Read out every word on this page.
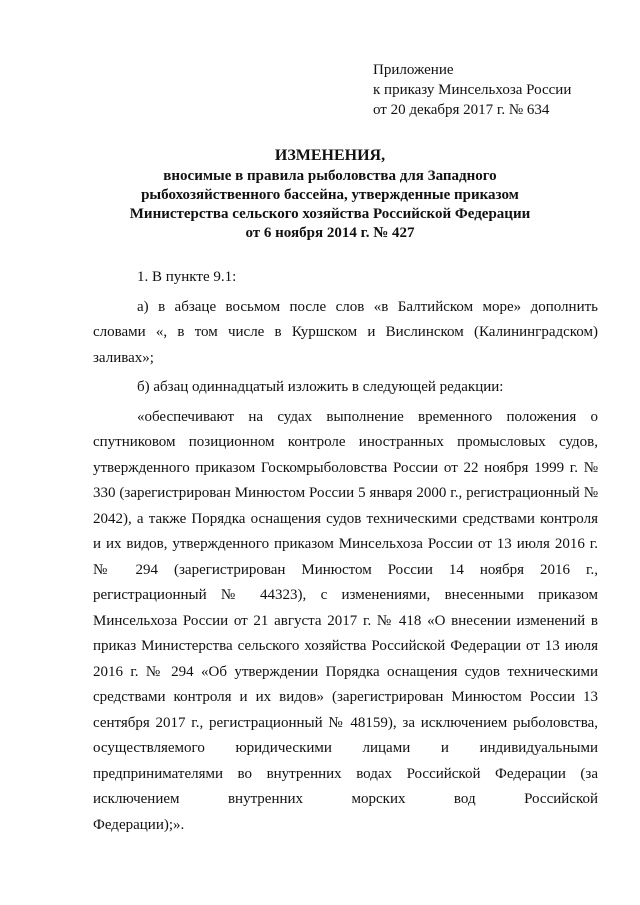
Приложение
к приказу Минсельхоза России
от 20 декабря 2017 г. № 634
ИЗМЕНЕНИЯ,
вносимые в правила рыболовства для Западного
рыбохозяйственного бассейна, утвержденные приказом
Министерства сельского хозяйства Российской Федерации
от 6 ноября 2014 г. № 427

1. В пункте 9.1:

а) в абзаце восьмом после слов «в Балтийском море» дополнить словами «, в том числе в Куршском и Вислинском (Калининградском) заливах»;

б) абзац одиннадцатый изложить в следующей редакции:

«обеспечивают на судах выполнение временного положения о спутниковом позиционном контроле иностранных промысловых судов, утвержденного приказом Госкомрыболовства России от 22 ноября 1999 г. № 330 (зарегистрирован Минюстом России 5 января 2000 г., регистрационный № 2042), а также Порядка оснащения судов техническими средствами контроля и их видов, утвержденного приказом Минсельхоза России от 13 июля 2016 г. № 294 (зарегистрирован Минюстом России 14 ноября 2016 г., регистрационный № 44323), с изменениями, внесенными приказом Минсельхоза России от 21 августа 2017 г. № 418 «О внесении изменений в приказ Министерства сельского хозяйства Российской Федерации от 13 июля 2016 г. № 294 «Об утверждении Порядка оснащения судов техническими средствами контроля и их видов» (зарегистрирован Минюстом России 13 сентября 2017 г., регистрационный № 48159), за исключением рыболовства, осуществляемого юридическими лицами и индивидуальными предпринимателями во внутренних водах Российской Федерации (за исключением внутренних морских вод Российской

Федерации);».
